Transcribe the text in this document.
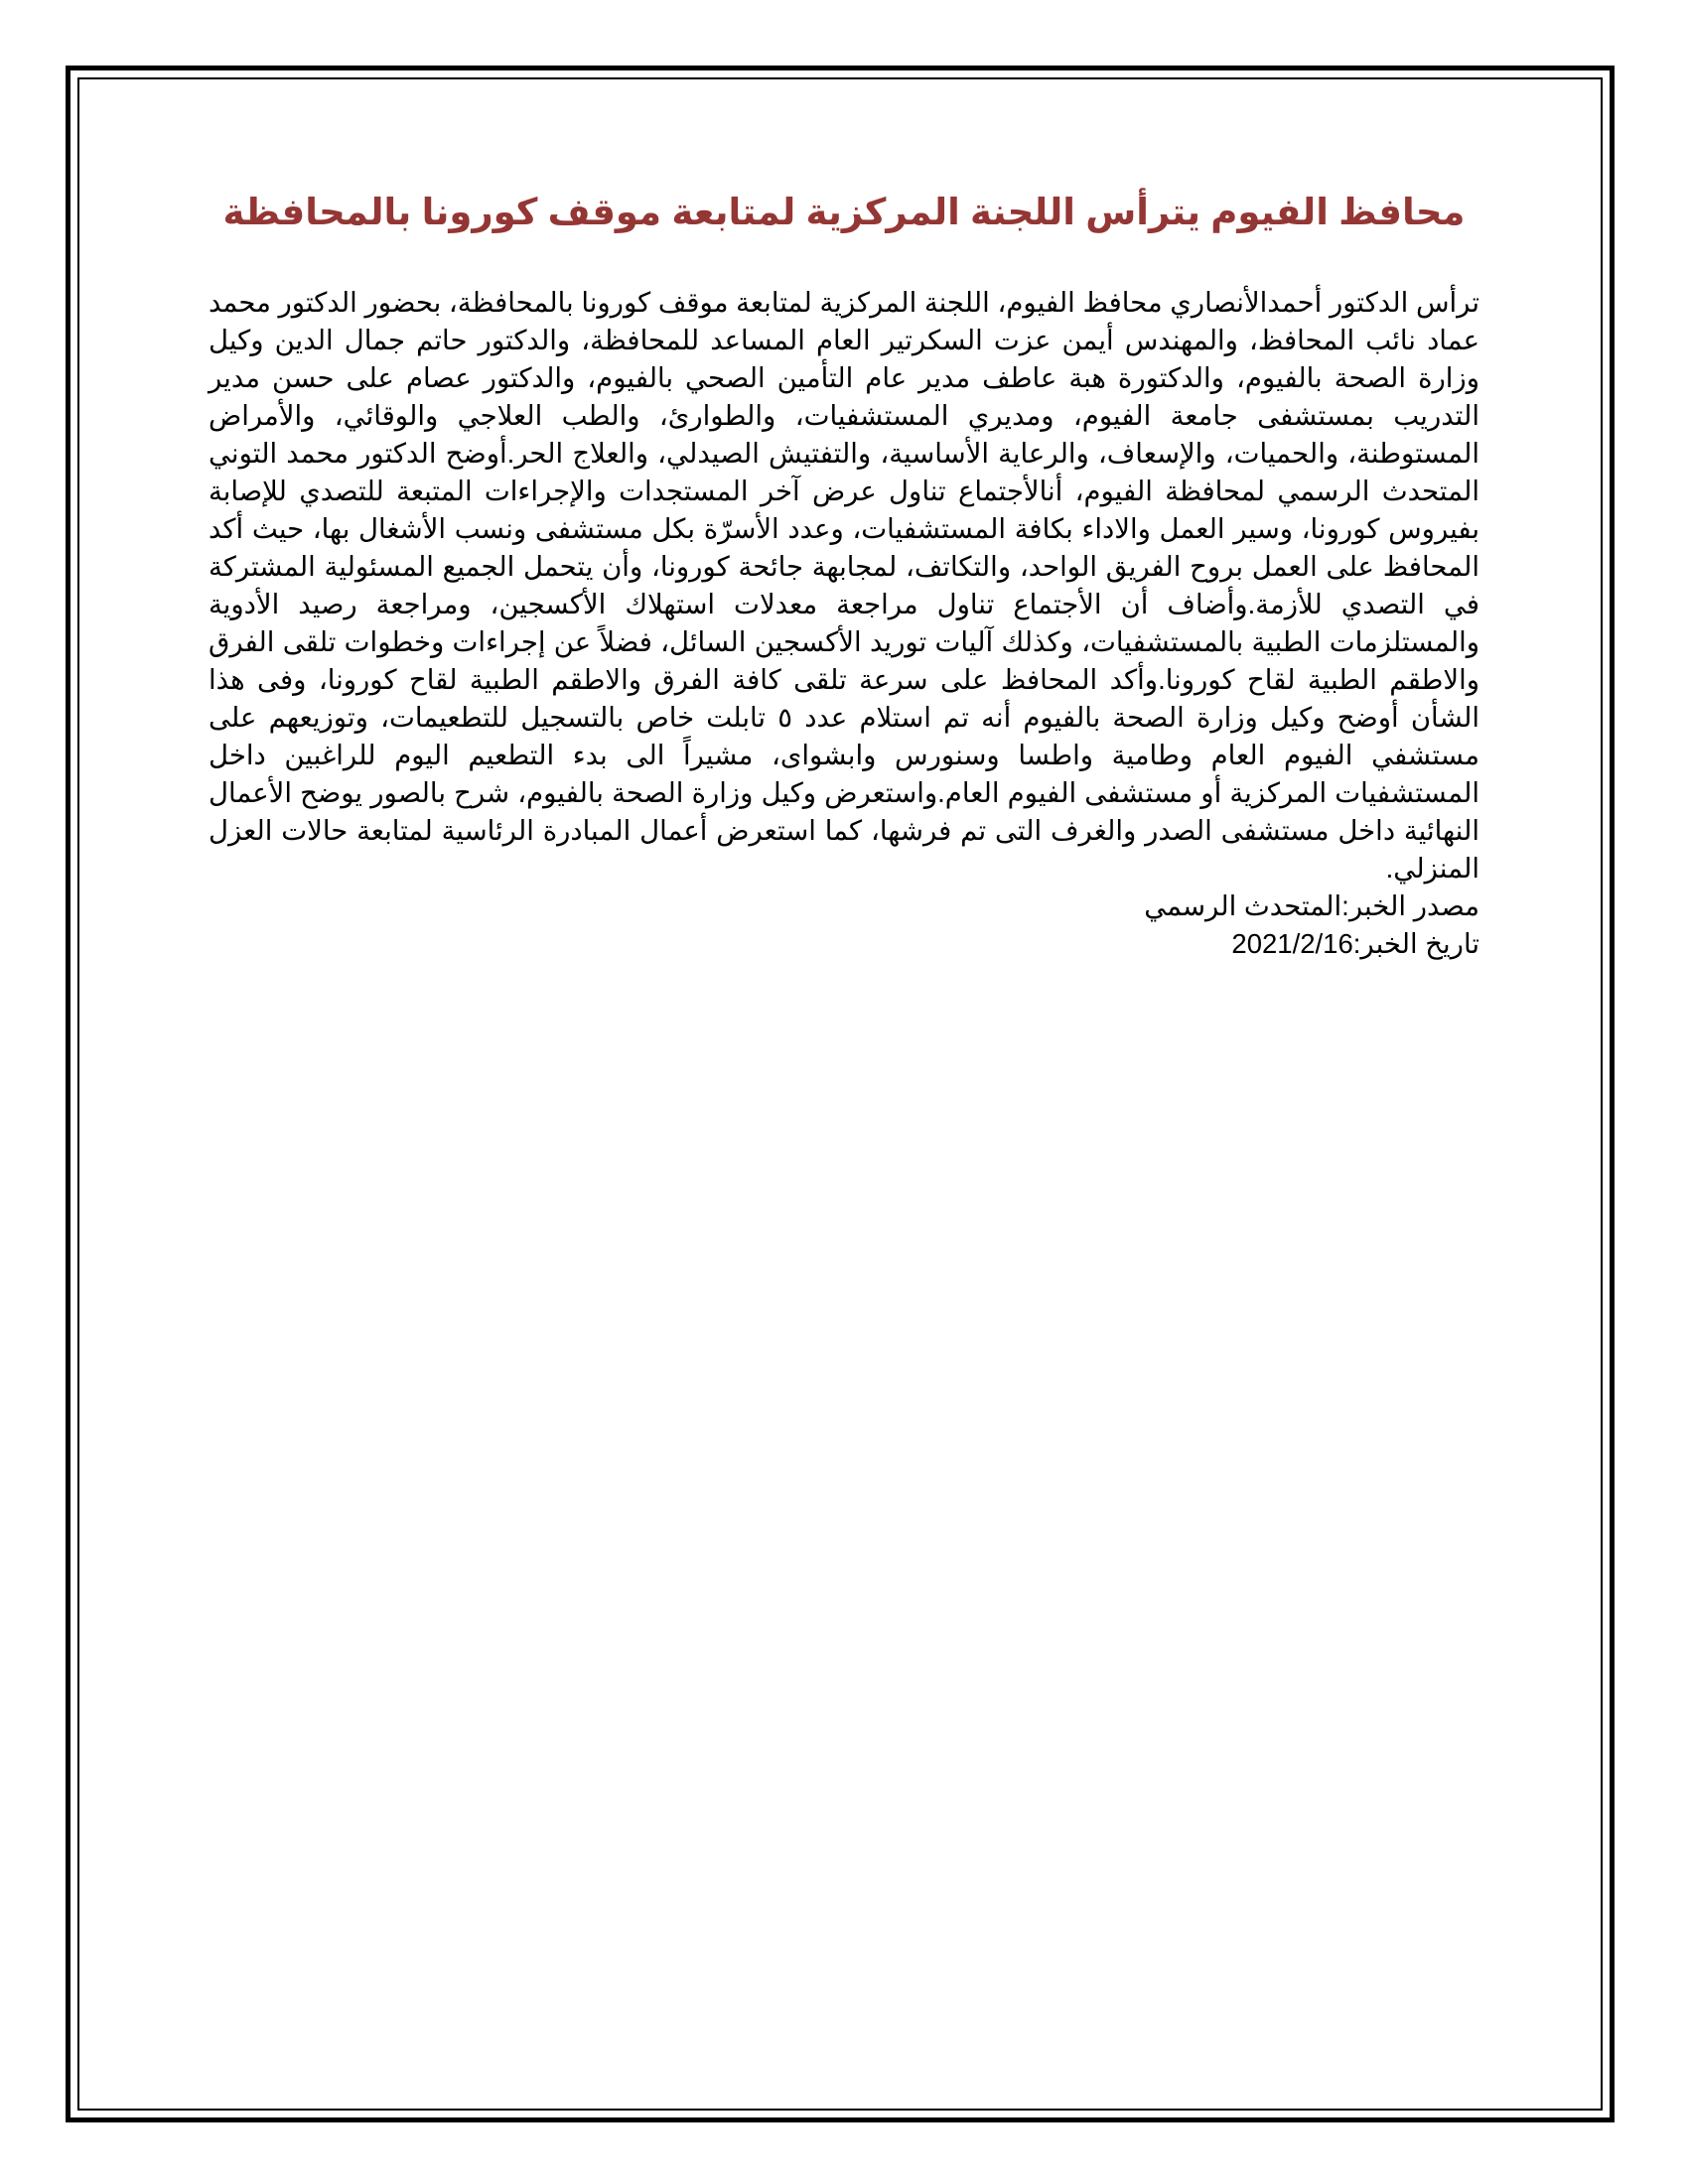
محافظ الفيوم يترأس اللجنة المركزية لمتابعة موقف كورونا بالمحافظة

ترأس الدكتور أحمدالأنصاري محافظ الفيوم، اللجنة المركزية لمتابعة موقف كورونا بالمحافظة، بحضور الدكتور محمد عماد نائب المحافظ، والمهندس أيمن عزت السكرتير العام المساعد للمحافظة، والدكتور حاتم جمال الدين وكيل وزارة الصحة بالفيوم، والدكتورة هبة عاطف مدير عام التأمين الصحي بالفيوم، والدكتور عصام على حسن مدير التدريب بمستشفى جامعة الفيوم، ومديري المستشفيات، والطوارئ، والطب العلاجي والوقائي، والأمراض المستوطنة، والحميات، والإسعاف، والرعاية الأساسية، والتفتيش الصيدلي، والعلاج الحر.أوضح الدكتور محمد التوني المتحدث الرسمي لمحافظة الفيوم، أنالأجتماع تناول عرض آخر المستجدات والإجراءات المتبعة للتصدي للإصابة بفيروس كورونا، وسير العمل والاداء بكافة المستشفيات، وعدد الأسرّة بكل مستشفى ونسب الأشغال بها، حيث أكد المحافظ على العمل بروح الفريق الواحد، والتكاتف، لمجابهة جائحة كورونا، وأن يتحمل الجميع المسئولية المشتركة في التصدي للأزمة.وأضاف أن الأجتماع تناول مراجعة معدلات استهلاك الأكسجين، ومراجعة رصيد الأدوية والمستلزمات الطبية بالمستشفيات، وكذلك آليات توريد الأكسجين السائل، فضلاً عن إجراءات وخطوات تلقى الفرق والاطقم الطبية لقاح كورونا.وأكد المحافظ على سرعة تلقى كافة الفرق والاطقم الطبية لقاح كورونا، وفى هذا الشأن أوضح وكيل وزارة الصحة بالفيوم أنه تم استلام عدد ٥ تابلت خاص بالتسجيل للتطعيمات، وتوزيعهم على مستشفي الفيوم العام وطامية واطسا وسنورس وابشواى، مشيراً الى بدء التطعيم اليوم للراغبين داخل المستشفيات المركزية أو مستشفى الفيوم العام.واستعرض وكيل وزارة الصحة بالفيوم، شرح بالصور يوضح الأعمال النهائية داخل مستشفى الصدر والغرف التى تم فرشها، كما استعرض أعمال المبادرة الرئاسية لمتابعة حالات العزل المنزلي.

مصدر الخبر:المتحدث الرسمي

تاريخ الخبر:2021/2/16
